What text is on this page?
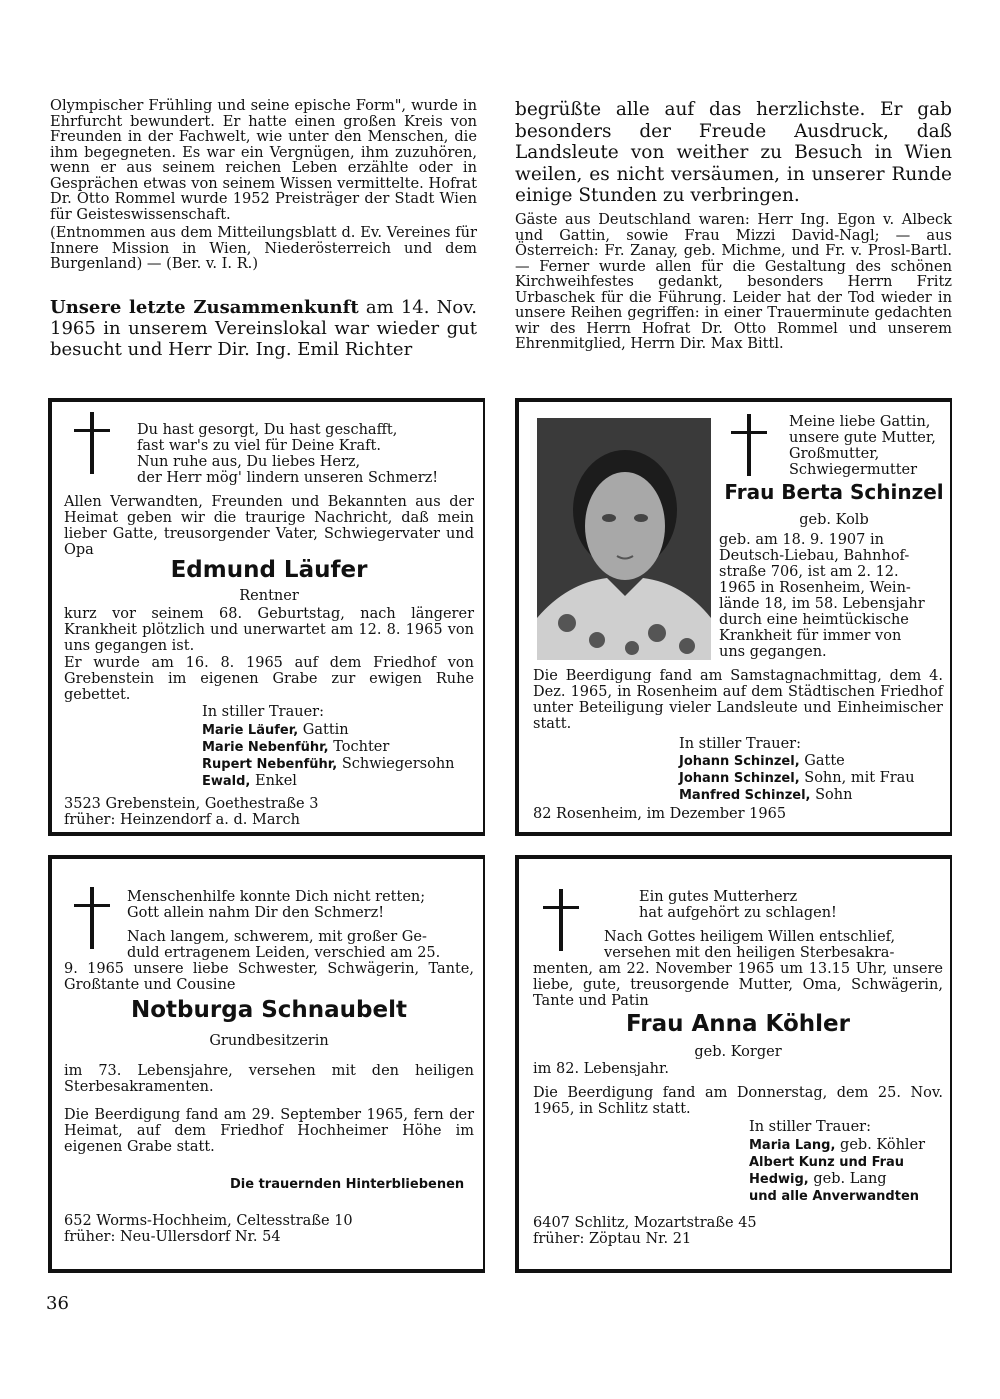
Olympischer Frühling und seine epische Form", wurde in Ehrfurcht bewundert. Er hatte einen großen Kreis von Freunden in der Fachwelt, wie unter den Menschen, die ihm begegneten. Es war ein Vergnügen, ihm zuzuhören, wenn er aus seinem reichen Leben erzählte oder in Gesprächen etwas von seinem Wissen vermittelte. Hofrat Dr. Otto Rommel wurde 1952 Preisträger der Stadt Wien für Geisteswissenschaft.

(Entnommen aus dem Mitteilungsblatt d. Ev. Vereines für Innere Mission in Wien, Niederösterreich und dem Burgenland) — (Ber. v. I. R.)

Unsere letzte Zusammenkunft am 14. Nov. 1965 in unserem Vereinslokal war wieder gut besucht und Herr Dir. Ing. Emil Richter
begrüßte alle auf das herzlichste. Er gab besonders der Freude Ausdruck, daß Landsleute von weither zu Besuch in Wien weilen, es nicht versäumen, in unserer Runde einige Stunden zu verbringen.
Gäste aus Deutschland waren: Herr Ing. Egon v. Albeck und Gattin, sowie Frau Mizzi David-Nagl; — aus Österreich: Fr. Zanay, geb. Michme, und Fr. v. Prosl-Bartl. — Ferner wurde allen für die Gestaltung des schönen Kirchweihfestes gedankt, besonders Herrn Fritz Urbaschek für die Führung. Leider hat der Tod wieder in unsere Reihen gegriffen: in einer Trauerminute gedachten wir des Herrn Hofrat Dr. Otto Rommel und unserem Ehrenmitglied, Herrn Dir. Max Bittl.
Du hast gesorgt, Du hast geschafft,
fast war's zu viel für Deine Kraft.
Nun ruhe aus, Du liebes Herz,
der Herr mög' lindern unseren Schmerz!
Allen Verwandten, Freunden und Bekannten aus der Heimat geben wir die traurige Nachricht, daß mein lieber Gatte, treusorgender Vater, Schwiegervater und Opa
Edmund Läufer
Rentner
kurz vor seinem 68. Geburtstag, nach längerer Krankheit plötzlich und unerwartet am 12. 8. 1965 von uns gegangen ist.
Er wurde am 16. 8. 1965 auf dem Friedhof von Grebenstein im eigenen Grabe zur ewigen Ruhe gebettet.
In stiller Trauer:

Marie Läufer, Gattin

Marie Nebenführ, Tochter

Rupert Nebenführ, Schwiegersohn

Ewald, Enkel

3523 Grebenstein, Goethestraße 3
früher: Heinzendorf a. d. March
Meine liebe Gattin,
unsere gute Mutter,
Großmutter,
Schwiegermutter
Frau Berta Schinzel
geb. Kolb
geb. am 18. 9. 1907 in
Deutsch-Liebau, Bahnhof-
straße 706, ist am 2. 12.
1965 in Rosenheim, Wein-
lände 18, im 58. Lebensjahr
durch eine heimtückische
Krankheit für immer von
uns gegangen.
Die Beerdigung fand am Samstagnachmittag, dem 4. Dez. 1965, in Rosenheim auf dem Städtischen Friedhof unter Beteiligung vieler Landsleute und Einheimischer statt.
In stiller Trauer:

Johann Schinzel, Gatte

Johann Schinzel, Sohn, mit Frau

Manfred Schinzel, Sohn

82 Rosenheim, im Dezember 1965
Menschenhilfe konnte Dich nicht retten;
Gott allein nahm Dir den Schmerz!
Nach langem, schwerem, mit großer Ge-
duld ertragenem Leiden, verschied am 25.
9. 1965 unsere liebe Schwester, Schwägerin, Tante, Großtante und Cousine
Notburga Schnaubelt
Grundbesitzerin
im 73. Lebensjahre, versehen mit den heiligen Sterbesakramenten.
Die Beerdigung fand am 29. September 1965, fern der Heimat, auf dem Friedhof Hochheimer Höhe im eigenen Grabe statt.
Die trauernden Hinterbliebenen
652 Worms-Hochheim, Celtesstraße 10
früher: Neu-Ullersdorf Nr. 54
Ein gutes Mutterherz
hat aufgehört zu schlagen!
Nach Gottes heiligem Willen entschlief,
versehen mit den heiligen Sterbesakra-
menten, am 22. November 1965 um 13.15 Uhr, unsere liebe, gute, treusorgende Mutter, Oma, Schwägerin, Tante und Patin
Frau Anna Köhler
geb. Korger
im 82. Lebensjahr.
Die Beerdigung fand am Donnerstag, dem 25. Nov. 1965, in Schlitz statt.
In stiller Trauer:

Maria Lang, geb. Köhler

Albert Kunz und Frau

Hedwig, geb. Lang

und alle Anverwandten

6407 Schlitz, Mozartstraße 45
früher: Zöptau Nr. 21
36
